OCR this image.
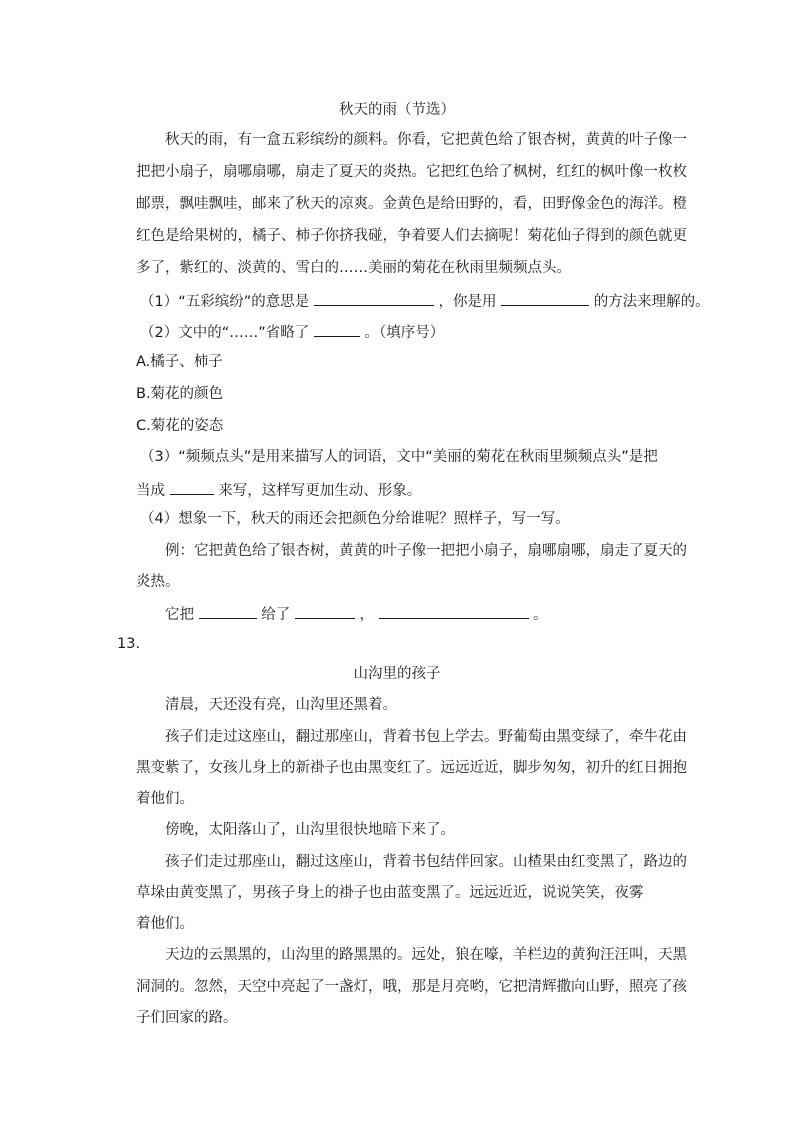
秋天的雨（节选）
秋天的雨，有一盒五彩缤纷的颜料。你看，它把黄色给了银杏树，黄黄的叶子像一
把把小扇子，扇哪扇哪，扇走了夏天的炎热。它把红色给了枫树，红红的枫叶像一枚枚
邮票，飘哇飘哇，邮来了秋天的凉爽。金黄色是给田野的，看，田野像金色的海洋。橙
红色是给果树的，橘子、柿子你挤我碰，争着要人们去摘呢！菊花仙子得到的颜色就更
多了，紫红的、淡黄的、雪白的……美丽的菊花在秋雨里频频点头。
（1）“五彩缤纷”的意思是	，你是用	的方法来理解的。
（2）文中的“……”省略了	。（填序号）
A.橘子、柿子
B.菊花的颜色
C.菊花的姿态
（3）“频频点头”是用来描写人的词语，文中“美丽的菊花在秋雨里频频点头”是把
当成	来写，这样写更加生动、形象。
（4）想象一下，秋天的雨还会把颜色分给谁呢？照样子，写一写。
例：它把黄色给了银杏树，黄黄的叶子像一把把小扇子，扇哪扇哪，扇走了夏天的
炎热。
它把	给了	，	。
13.
山沟里的孩子
清晨，天还没有亮，山沟里还黑着。
孩子们走过这座山，翻过那座山，背着书包上学去。野葡萄由黑变绿了，牵牛花由
黑变紫了，女孩儿身上的新褂子也由黑变红了。远远近近，脚步匆匆，初升的红日拥抱
着他们。
傍晚，太阳落山了，山沟里很快地暗下来了。
孩子们走过那座山，翻过这座山，背着书包结伴回家。山楂果由红变黑了，路边的
草垛由黄变黑了，男孩子身上的褂子也由蓝变黑了。远远近近，说说笑笑，夜雾
着他们。
天边的云黑黑的，山沟里的路黑黑的。远处，狼在嚎，羊栏边的黄狗汪汪叫，天黑
洞洞的。忽然，天空中亮起了一盏灯，哦，那是月亮哟，它把清辉撒向山野，照亮了孩
子们回家的路。
